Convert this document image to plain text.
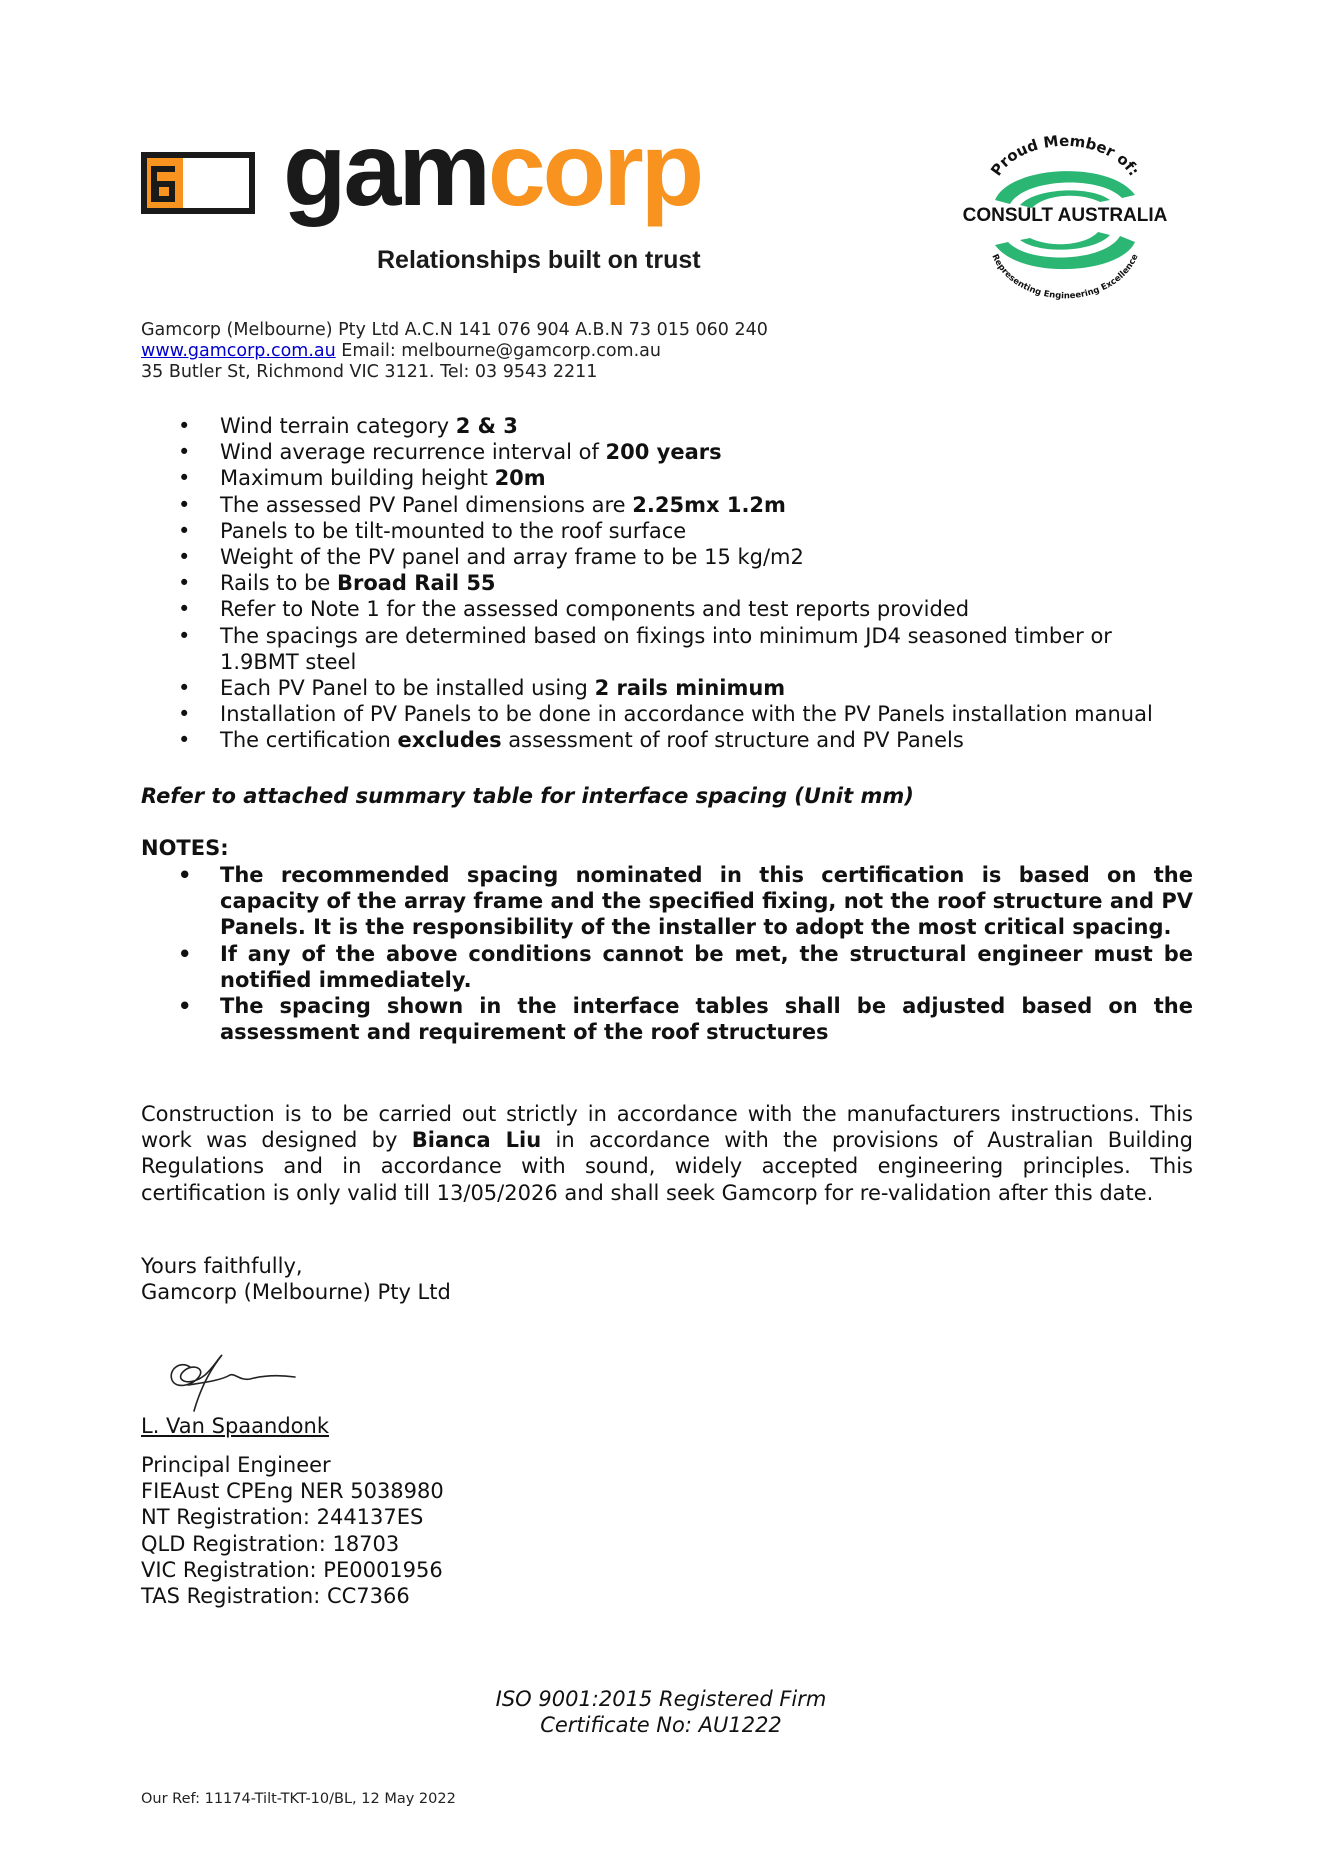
gamcorp
Relationships built on trust
Proud Member of:
CONSULT AUSTRALIA
Representing Engineering Excellence
Gamcorp (Melbourne) Pty Ltd A.C.N 141 076 904 A.B.N 73 015 060 240
www.gamcorp.com.au Email: melbourne@gamcorp.com.au
35 Butler St, Richmond VIC 3121. Tel: 03 9543 2211
• Wind terrain category 2 & 3
• Wind average recurrence interval of 200 years
• Maximum building height 20m
• The assessed PV Panel dimensions are 2.25mx 1.2m
• Panels to be tilt-mounted to the roof surface
• Weight of the PV panel and array frame to be 15 kg/m2
• Rails to be Broad Rail 55
• Refer to Note 1 for the assessed components and test reports provided
• The spacings are determined based on fixings into minimum JD4 seasoned timber or 1.9BMT steel
• Each PV Panel to be installed using 2 rails minimum
• Installation of PV Panels to be done in accordance with the PV Panels installation manual
• The certification excludes assessment of roof structure and PV Panels
Refer to attached summary table for interface spacing (Unit mm)
NOTES:
• The recommended spacing nominated in this certification is based on the capacity of the array frame and the specified fixing, not the roof structure and PV Panels. It is the responsibility of the installer to adopt the most critical spacing.
• If any of the above conditions cannot be met, the structural engineer must be notified immediately.
• The spacing shown in the interface tables shall be adjusted based on the assessment and requirement of the roof structures
Construction is to be carried out strictly in accordance with the manufacturers instructions. This work was designed by Bianca Liu in accordance with the provisions of Australian Building Regulations and in accordance with sound, widely accepted engineering principles. This certification is only valid till 13/05/2026 and shall seek Gamcorp for re-validation after this date.
Yours faithfully,
Gamcorp (Melbourne) Pty Ltd
L. Van Spaandonk
Principal Engineer
FIEAust CPEng NER 5038980
NT Registration: 244137ES
QLD Registration: 18703
VIC Registration: PE0001956
TAS Registration: CC7366
ISO 9001:2015 Registered Firm
Certificate No: AU1222
Our Ref: 11174-Tilt-TKT-10/BL, 12 May 2022
